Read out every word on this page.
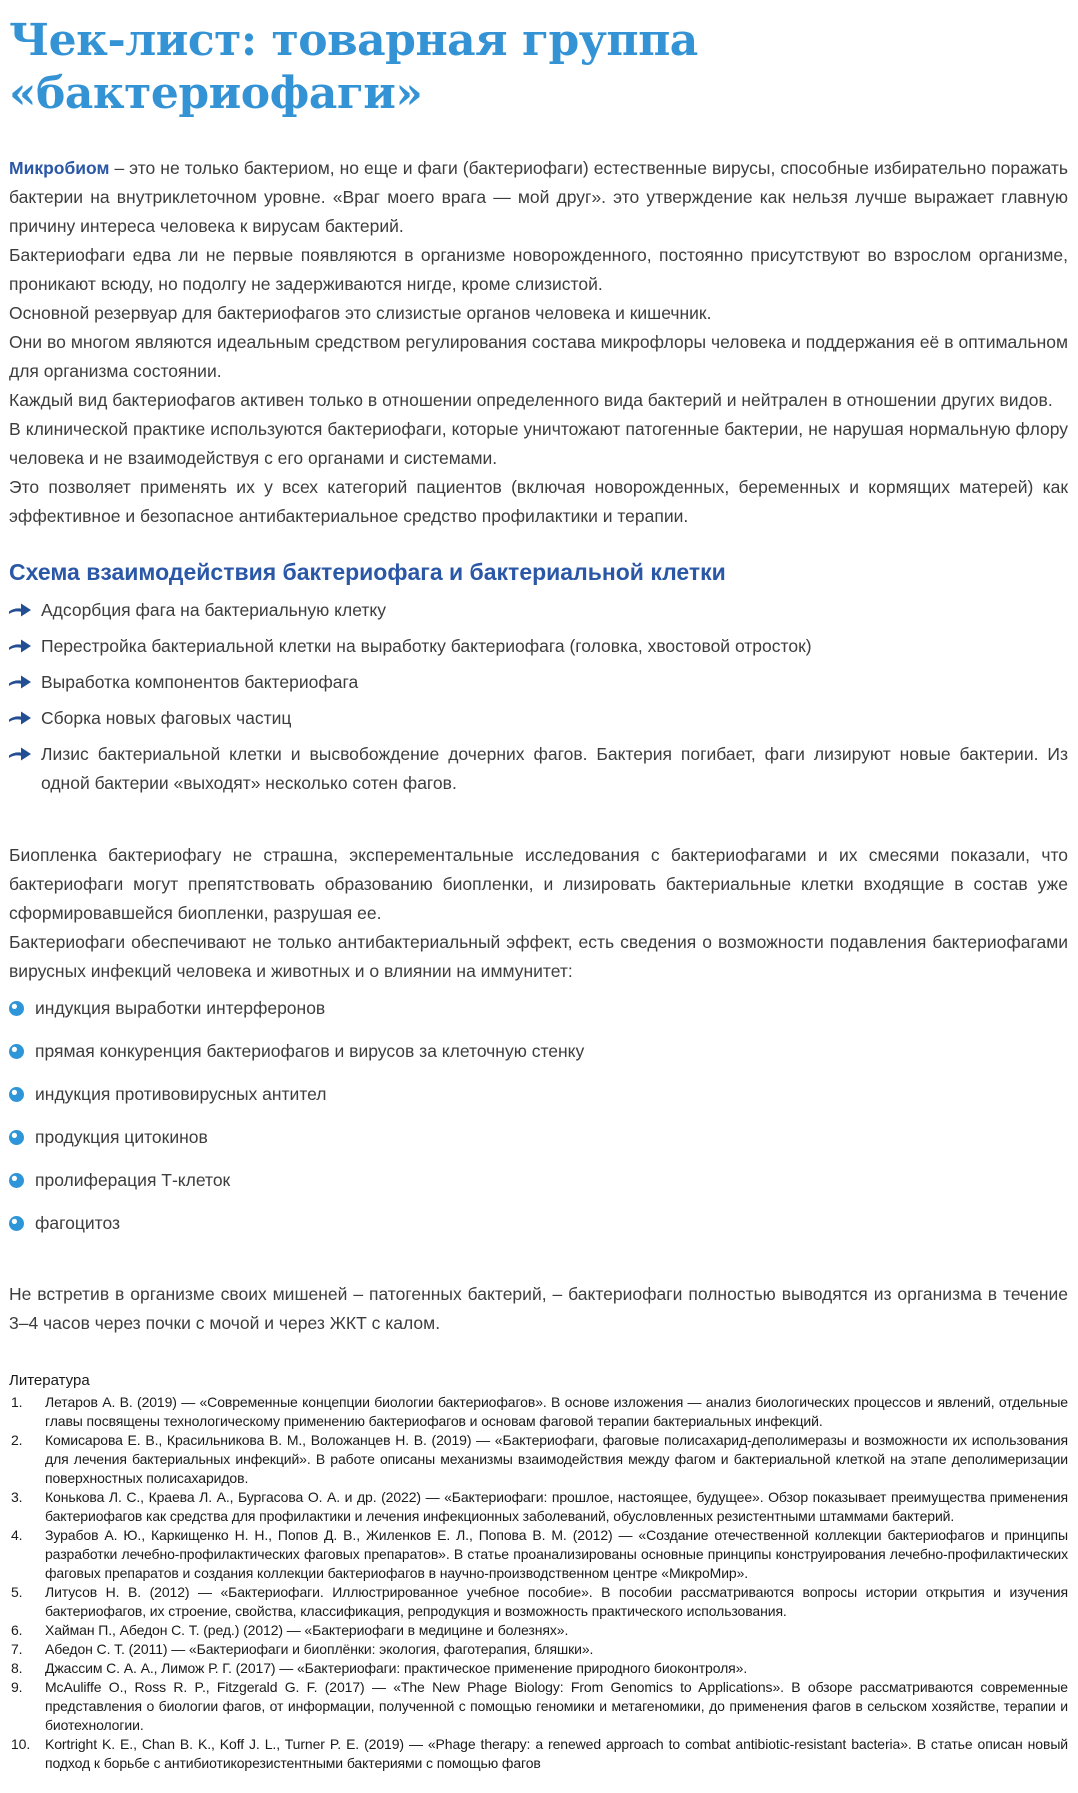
Чек-лист: товарная группа
«бактериофаги»

Микробиом – это не только бактериом, но еще и фаги (бактериофаги) естественные вирусы, способные избирательно поражать бактерии на внутриклеточном уровне. «Враг моего врага — мой друг». это утверждение как нельзя лучше выражает главную причину интереса человека к вирусам бактерий.

Бактериофаги едва ли не первые появляются в организме новорожденного, постоянно присутствуют во взрослом организме, проникают всюду, но подолгу не задерживаются нигде, кроме слизистой.

Основной резервуар для бактериофагов это слизистые органов человека и кишечник.

Они во многом являются идеальным средством регулирования состава микрофлоры человека и поддержания её в оптимальном для организма состоянии.

Каждый вид бактериофагов активен только в отношении определенного вида бактерий и нейтрален в отношении других видов.

В клинической практике используются бактериофаги, которые уничтожают патогенные бактерии, не нарушая нормальную флору человека и не взаимодействуя с его органами и системами.

Это позволяет применять их у всех категорий пациентов (включая новорожденных, беременных и кормящих матерей) как эффективное и безопасное антибактериальное средство профилактики и терапии.

Схема взаимодействия бактериофага и бактериальной клетки
Адсорбция фага на бактериальную клетку
Перестройка бактериальной клетки на выработку бактериофага (головка, хвостовой отросток)
Выработка компонентов бактериофага
Сборка новых фаговых частиц
Лизис бактериальной клетки и высвобождение дочерних фагов. Бактерия погибает, фаги лизируют новые бактерии. Из одной бактерии «выходят» несколько сотен фагов.

Биопленка бактериофагу не страшна, эксперементальные исследования с бактериофагами и их смесями показали, что бактериофаги могут препятствовать образованию биопленки, и лизировать бактериальные клетки входящие в состав уже сформировавшейся биопленки, разрушая ее.

Бактериофаги обеспечивают не только антибактериальный эффект, есть сведения о возможности подавления бактериофагами вирусных инфекций человека и животных и о влиянии на иммунитет:

индукция выработки интерферонов
прямая конкуренция бактериофагов и вирусов за клеточную стенку
индукция противовирусных антител
продукция цитокинов
пролиферация Т-клеток
фагоцитоз

Не встретив в организме своих мишеней – патогенных бактерий, – бактериофаги полностью выводятся из организма в течение 3–4 часов через почки с мочой и через ЖКТ с калом.

Литература
1.	Летаров А. В. (2019) — «Современные концепции биологии бактериофагов». В основе изложения — анализ биологических процессов и явлений, отдельные главы посвящены технологическому применению бактериофагов и основам фаговой терапии бактериальных инфекций.
2.	Комисарова Е. В., Красильникова В. М., Воложанцев Н. В. (2019) — «Бактериофаги, фаговые полисахарид-деполимеразы и возможности их использования для лечения бактериальных инфекций». В работе описаны механизмы взаимодействия между фагом и бактериальной клеткой на этапе деполимеризации поверхностных полисахаридов.
3.	Конькова Л. С., Краева Л. А., Бургасова О. А. и др. (2022) — «Бактериофаги: прошлое, настоящее, будущее». Обзор показывает преимущества применения бактериофагов как средства для профилактики и лечения инфекционных заболеваний, обусловленных резистентными штаммами бактерий.
4.	Зурабов А. Ю., Каркищенко Н. Н., Попов Д. В., Жиленков Е. Л., Попова В. М. (2012) — «Создание отечественной коллекции бактериофагов и принципы разработки лечебно-профилактических фаговых препаратов». В статье проанализированы основные принципы конструирования лечебно-профилактических фаговых препаратов и создания коллекции бактериофагов в научно-производственном центре «МикроМир».
5.	Литусов Н. В. (2012) — «Бактериофаги. Иллюстрированное учебное пособие». В пособии рассматриваются вопросы истории открытия и изучения бактериофагов, их строение, свойства, классификация, репродукция и возможность практического использования.
6.	Хайман П., Абедон С. Т. (ред.) (2012) — «Бактериофаги в медицине и болезнях».
7.	Абедон С. Т. (2011) — «Бактериофаги и биоплёнки: экология, фаготерапия, бляшки».
8.	Джассим С. А. А., Лимож Р. Г. (2017) — «Бактериофаги: практическое применение природного биоконтроля».
9.	McAuliffe O., Ross R. P., Fitzgerald G. F. (2017) — «The New Phage Biology: From Genomics to Applications». В обзоре рассматриваются современные представления о биологии фагов, от информации, полученной с помощью геномики и метагеномики, до применения фагов в сельском хозяйстве, терапии и биотехнологии.
10.	Kortright K. E., Chan B. K., Koff J. L., Turner P. E. (2019) — «Phage therapy: a renewed approach to combat antibiotic-resistant bacteria». В статье описан новый подход к борьбе с антибиотикорезистентными бактериями с помощью фагов
